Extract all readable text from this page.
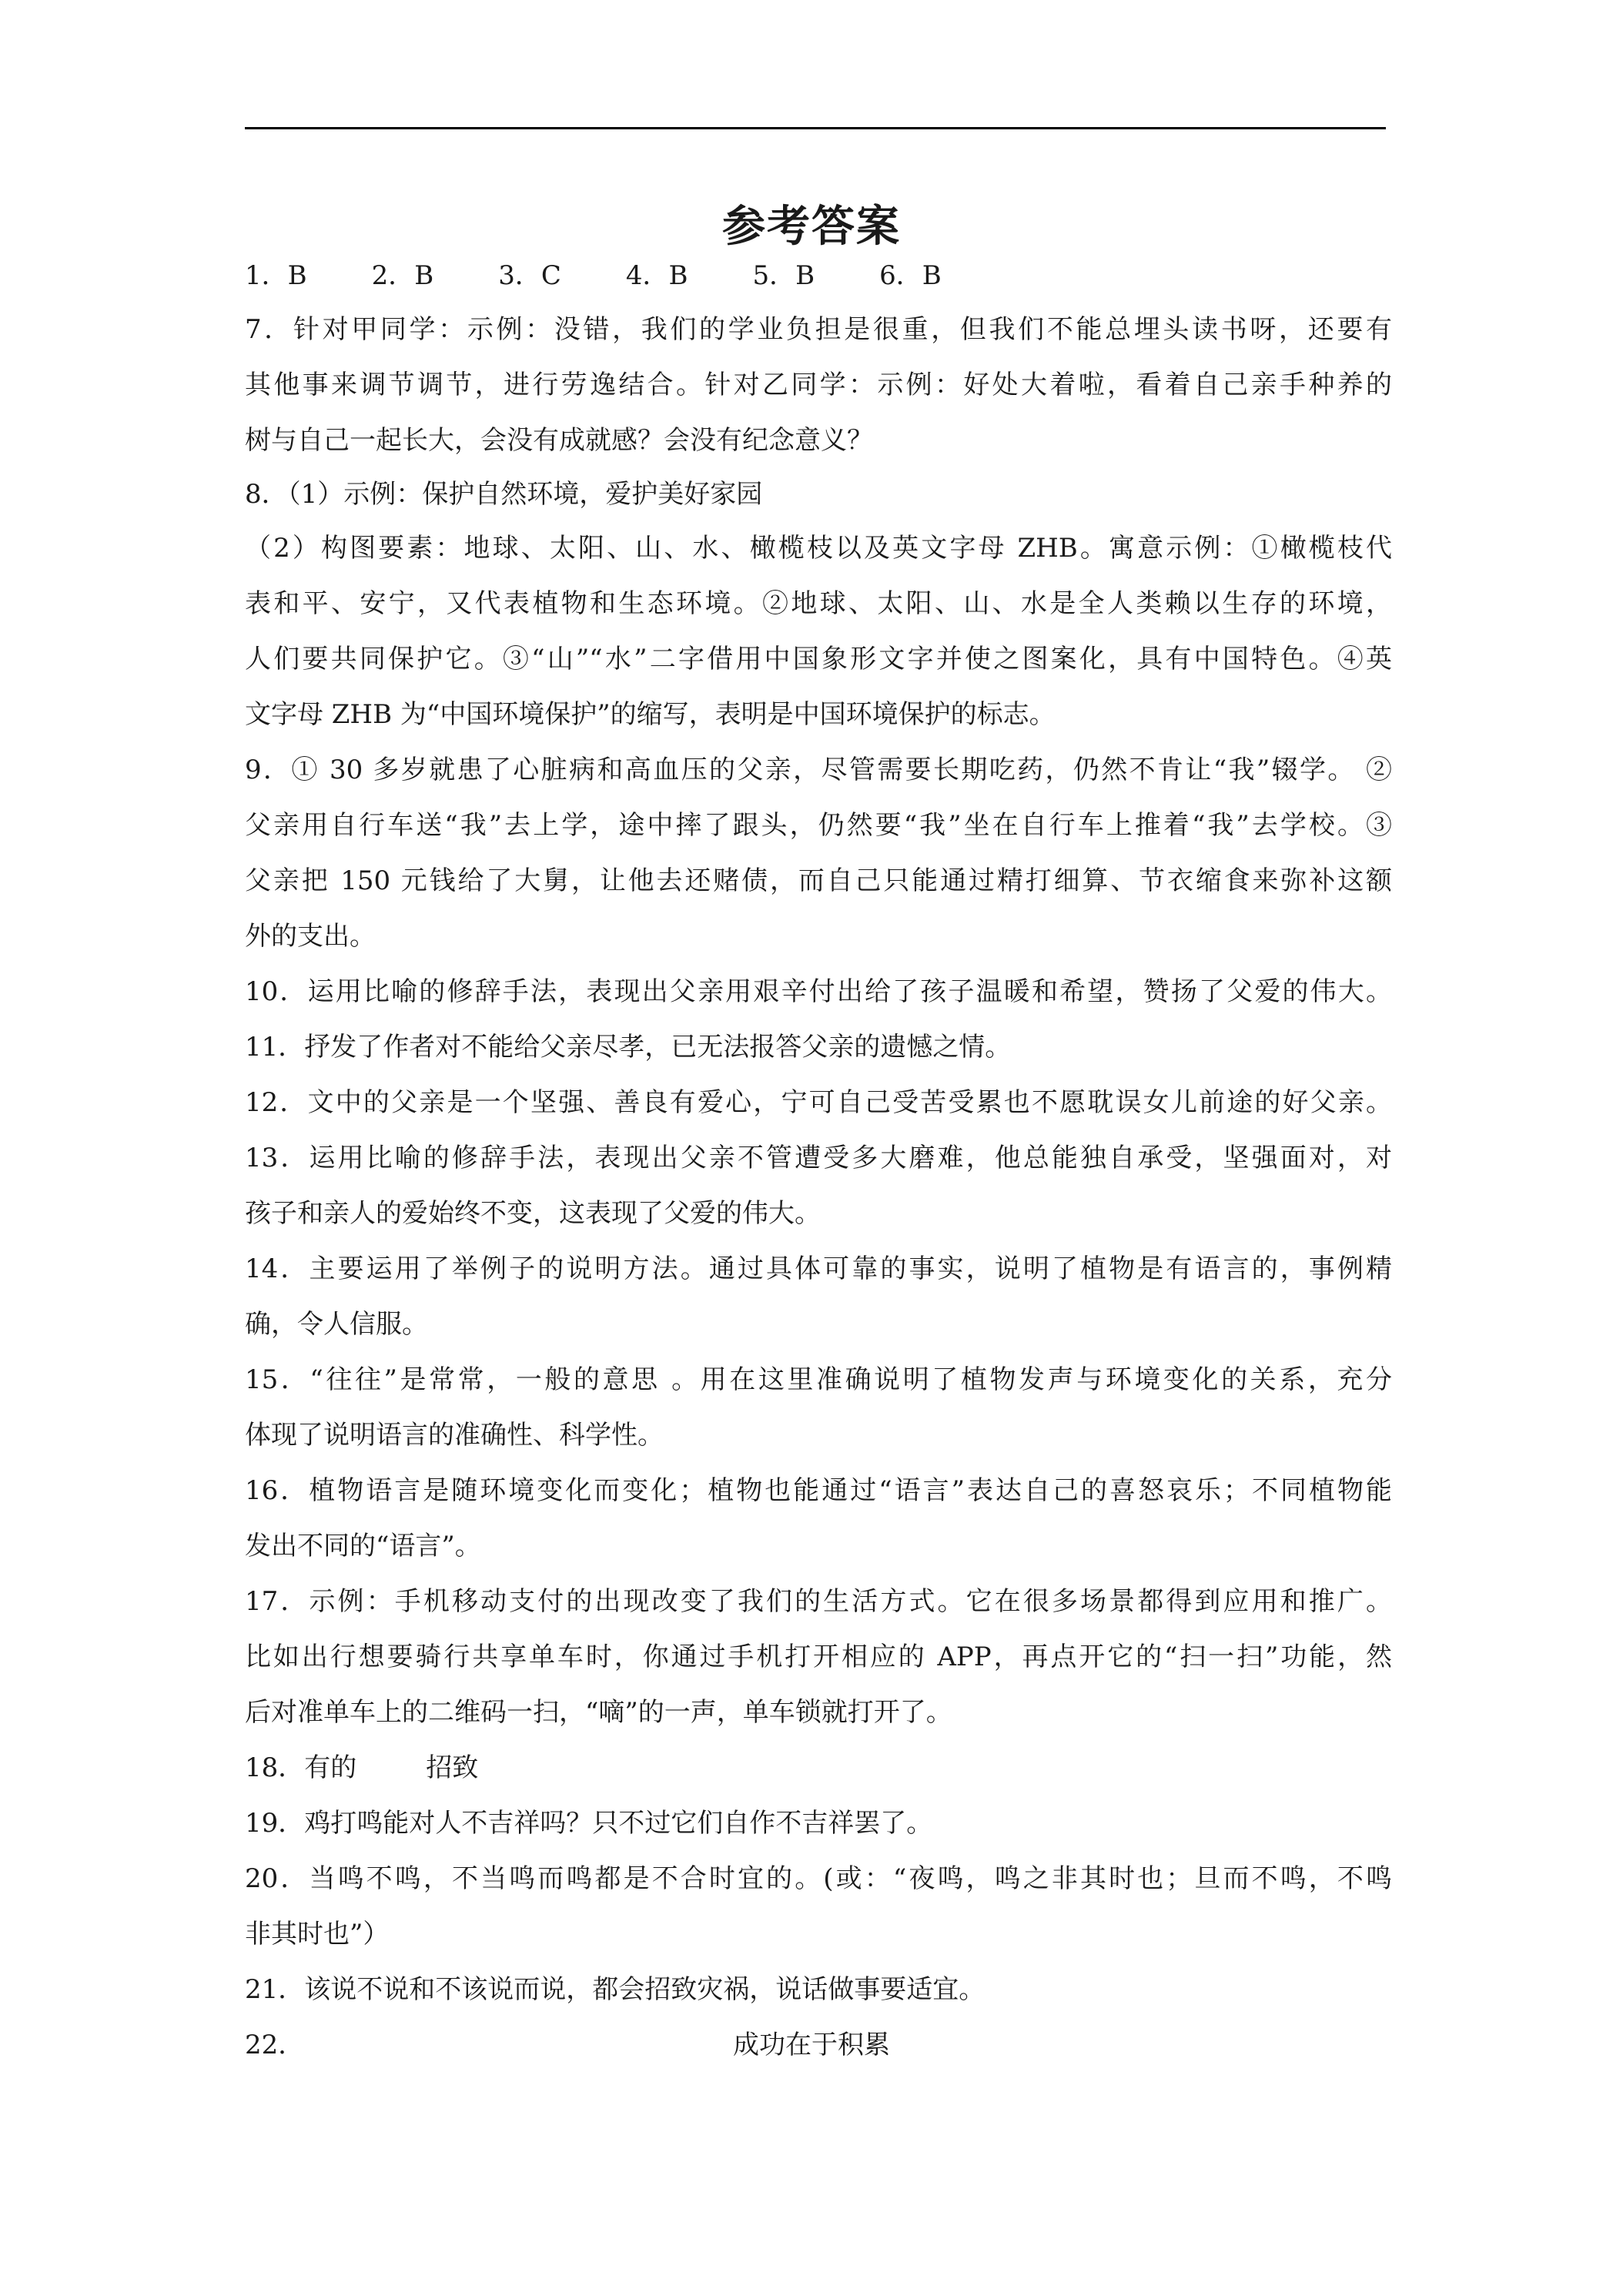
参考答案
1．B 2．B 3．C 4．B 5．B 6．B
7．针对甲同学：示例：没错，我们的学业负担是很重，但我们不能总埋头读书呀，还要有
其他事来调节调节，进行劳逸结合。针对乙同学：示例：好处大着啦，看着自己亲手种养的
树与自己一起长大，会没有成就感？会没有纪念意义？
8．（1）示例：保护自然环境，爱护美好家园
（2）构图要素：地球、太阳、山、水、橄榄枝以及英文字母 ZHB。寓意示例：①橄榄枝代
表和平、安宁，又代表植物和生态环境。②地球、太阳、山、水是全人类赖以生存的环境，
人们要共同保护它。③“山”“水”二字借用中国象形文字并使之图案化，具有中国特色。④英
文字母 ZHB 为“中国环境保护”的缩写，表明是中国环境保护的标志。
9．① 30 多岁就患了心脏病和高血压的父亲，尽管需要长期吃药，仍然不肯让“我”辍学。 ②
父亲用自行车送“我”去上学，途中摔了跟头，仍然要“我”坐在自行车上推着“我”去学校。③
父亲把 150 元钱给了大舅，让他去还赌债，而自己只能通过精打细算、节衣缩食来弥补这额
外的支出。
10．运用比喻的修辞手法，表现出父亲用艰辛付出给了孩子温暖和希望，赞扬了父爱的伟大。
11．抒发了作者对不能给父亲尽孝，已无法报答父亲的遗憾之情。
12．文中的父亲是一个坚强、善良有爱心，宁可自己受苦受累也不愿耽误女儿前途的好父亲。
13．运用比喻的修辞手法，表现出父亲不管遭受多大磨难，他总能独自承受，坚强面对，对
孩子和亲人的爱始终不变，这表现了父爱的伟大。
14．主要运用了举例子的说明方法。通过具体可靠的事实，说明了植物是有语言的，事例精
确，令人信服。
15．“往往”是常常，一般的意思 。用在这里准确说明了植物发声与环境变化的关系，充分
体现了说明语言的准确性、科学性。
16．植物语言是随环境变化而变化；植物也能通过“语言”表达自己的喜怒哀乐；不同植物能
发出不同的“语言”。
17．示例：手机移动支付的出现改变了我们的生活方式。它在很多场景都得到应用和推广。
比如出行想要骑行共享单车时，你通过手机打开相应的 APP，再点开它的“扫一扫”功能，然
后对准单车上的二维码一扫，“嘀”的一声，单车锁就打开了。
18．有的	招致
19．鸡打鸣能对人不吉祥吗？只不过它们自作不吉祥罢了。
20．当鸣不鸣，不当鸣而鸣都是不合时宜的。(或：“夜鸣，鸣之非其时也；旦而不鸣，不鸣
非其时也”）
21．该说不说和不该说而说，都会招致灾祸，说话做事要适宜。
22．	成功在于积累
